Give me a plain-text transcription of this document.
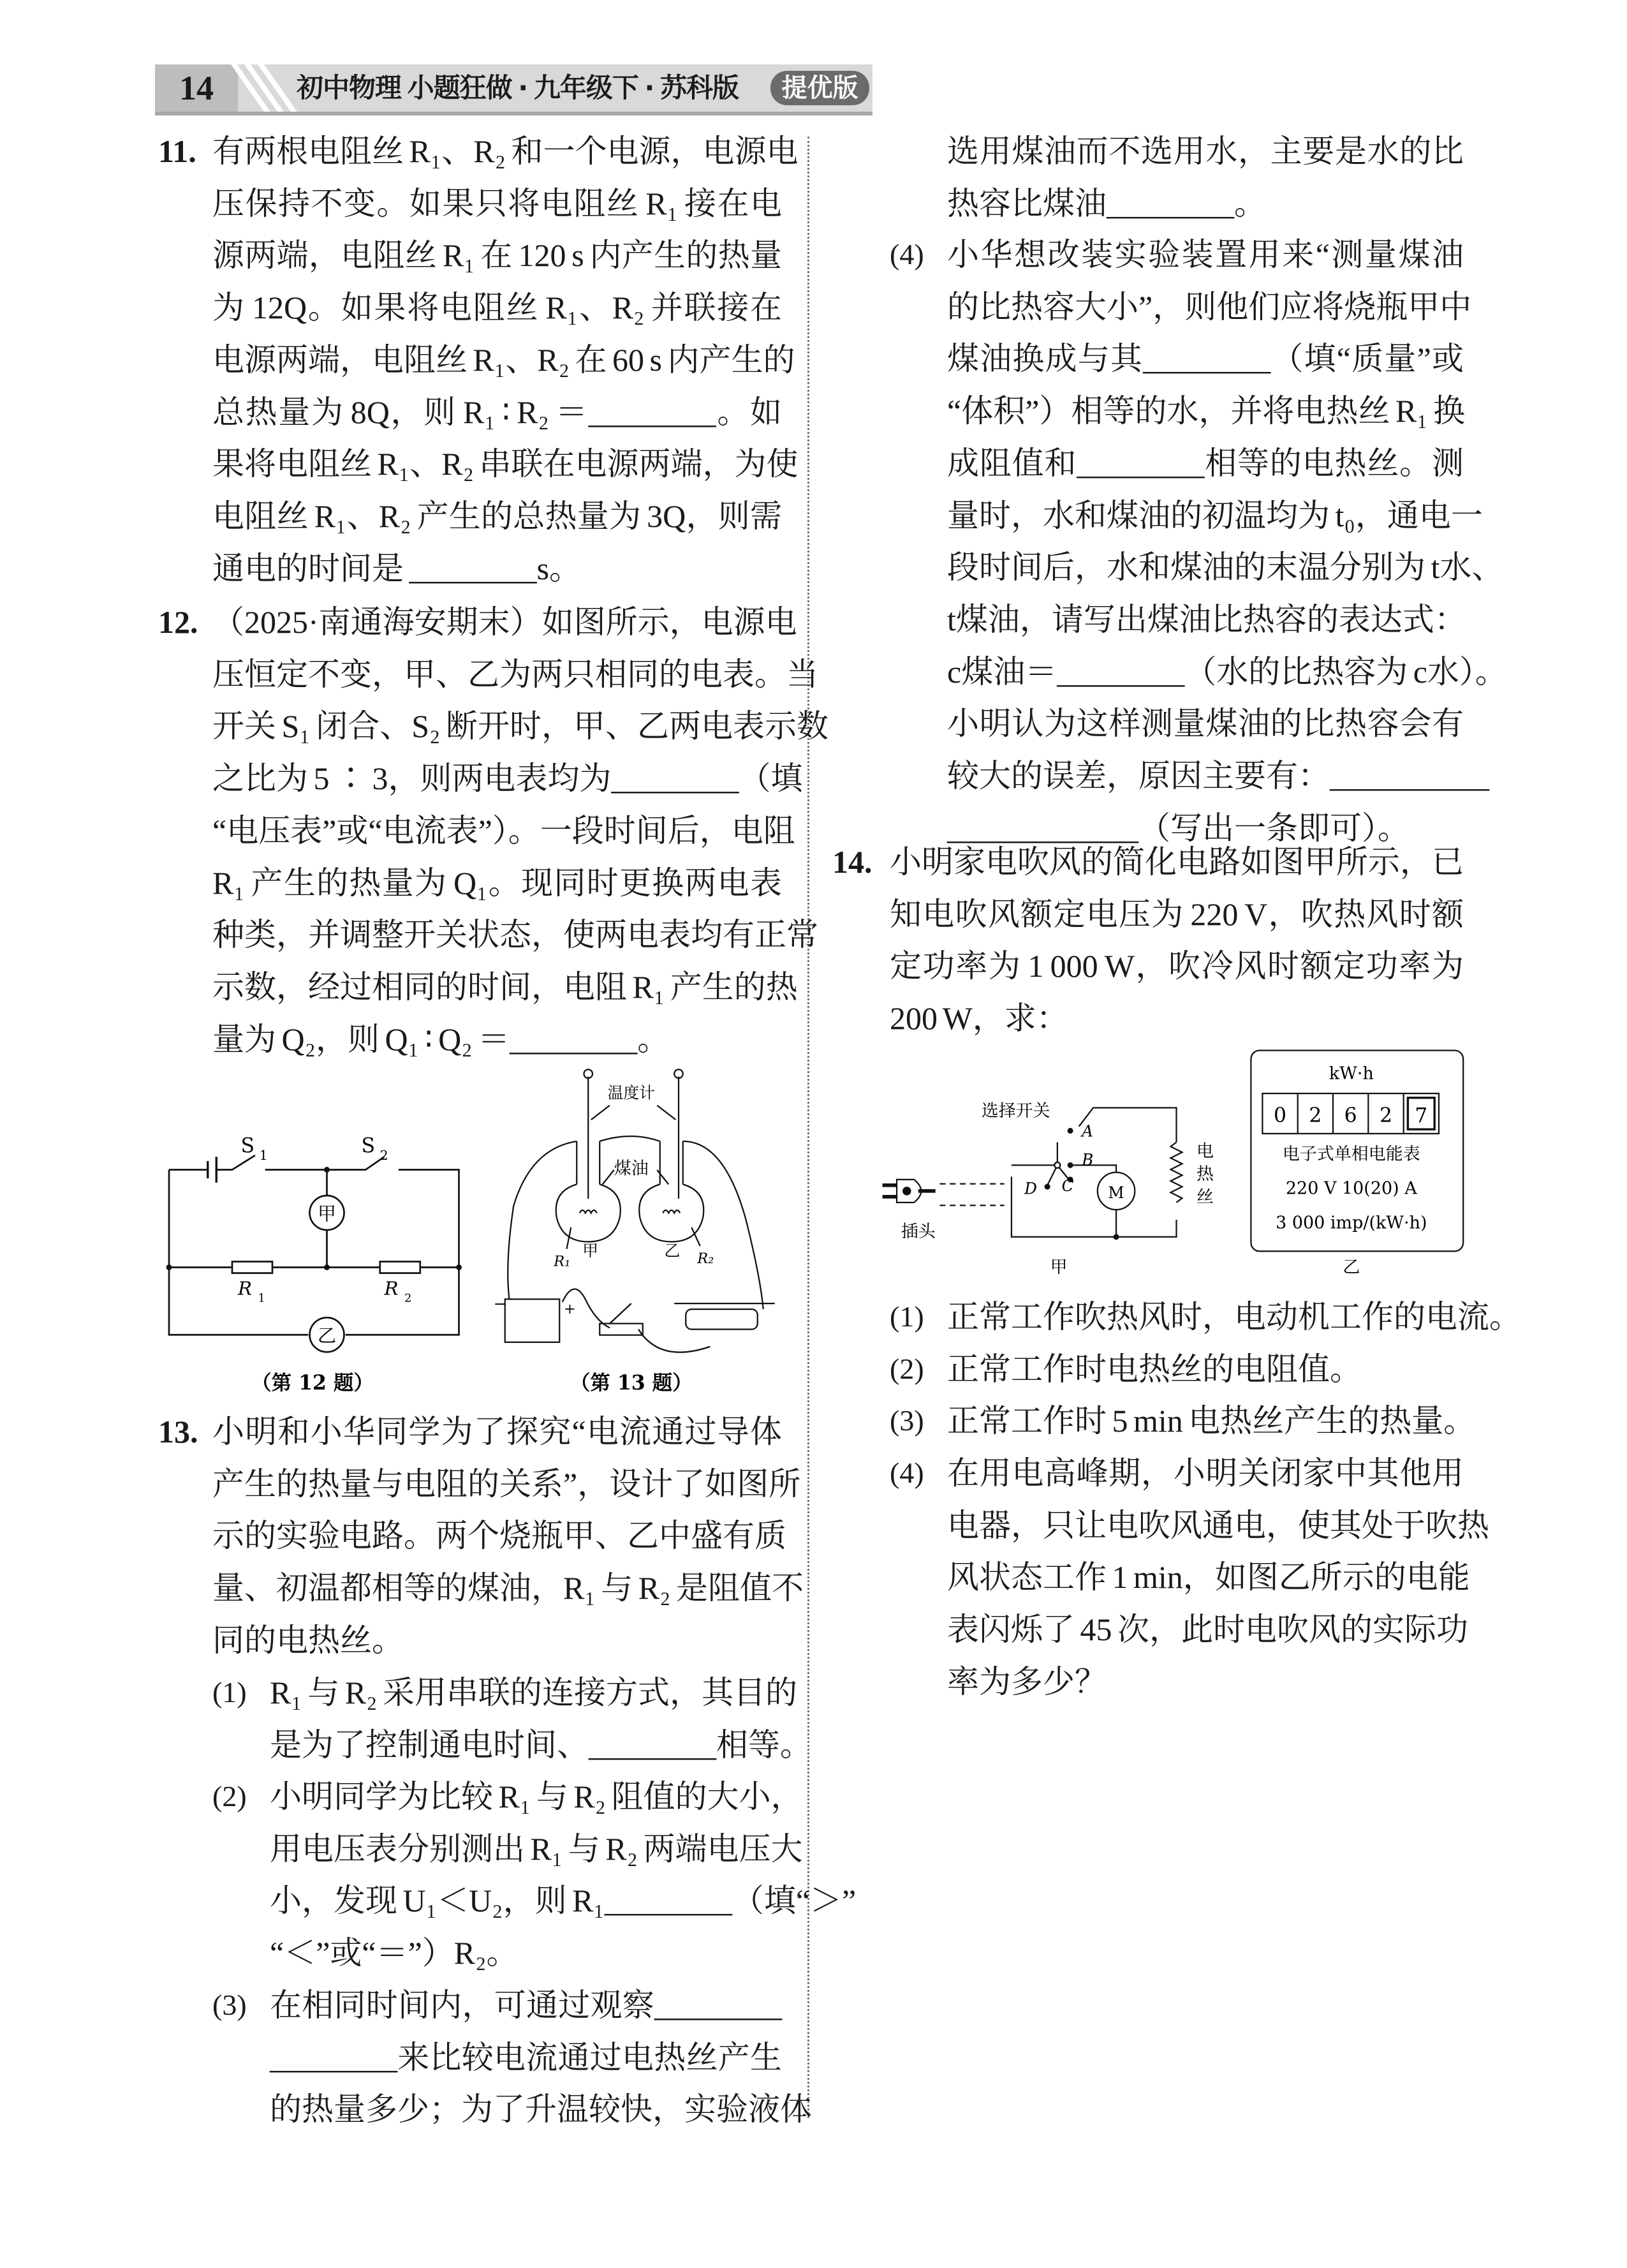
14	初中物理 小题狂做 · 九年级下 · 苏科版	提优版
11. 有两根电阻丝 R₁、R₂ 和一个电源，电源电
压保持不变。如果只将电阻丝 R₁ 接在电
源两端，电阻丝 R₁ 在 120 s 内产生的热量
为 12Q。如果将电阻丝 R₁、R₂ 并联接在
电源两端，电阻丝 R₁、R₂ 在 60 s 内产生的
总热量为 8Q，则 R₁ ∶ R₂ ＝________。如
果将电阻丝 R₁、R₂ 串联在电源两端，为使
电阻丝 R₁、R₂ 产生的总热量为 3Q，则需
通电的时间是 ________s。
12. （2025·南通海安期末）如图所示，电源电
压恒定不变，甲、乙为两只相同的电表。当
开关 S₁ 闭合、S₂ 断开时，甲、乙两电表示数
之比为 5 ∶ 3，则两电表均为________（填
“电压表”或“电流表”）。一段时间后，电阻
R₁ 产生的热量为 Q₁。现同时更换两电表
种类，并调整开关状态，使两电表均有正常
示数，经过相同的时间，电阻 R₁ 产生的热
量为 Q₂，则 Q₁ ∶ Q₂ ＝________。
13. 小明和小华同学为了探究“电流通过导体
产生的热量与电阻的关系”，设计了如图所
示的实验电路。两个烧瓶甲、乙中盛有质
量、初温都相等的煤油，R₁ 与 R₂ 是阻值不
同的电热丝。
(1) R₁ 与 R₂ 采用串联的连接方式，其目的
是为了控制通电时间、________相等。
(2) 小明同学为比较 R₁ 与 R₂ 阻值的大小，
用电压表分别测出 R₁ 与 R₂ 两端电压大
小，发现 U₁＜U₂，则 R₁________（填“＞”
“＜”或“＝”）R₂。
(3) 在相同时间内，可通过观察________
________来比较电流通过电热丝产生
的热量多少；为了升温较快，实验液体
选用煤油而不选用水，主要是水的比
热容比煤油________。
(4) 小华想改装实验装置用来“测量煤油
的比热容大小”，则他们应将烧瓶甲中
煤油换成与其________（填“质量”或
“体积”）相等的水，并将电热丝 R₁ 换
成阻值和________相等的电热丝。测
量时，水和煤油的初温均为 t₀，通电一
段时间后，水和煤油的末温分别为 t水、
t煤油，请写出煤油比热容的表达式：
c煤油＝________（水的比热容为 c水）。
小明认为这样测量煤油的比热容会有
较大的误差，原因主要有：__________
____________（写出一条即可）。
14. 小明家电吹风的简化电路如图甲所示，已
知电吹风额定电压为 220 V，吹热风时额
定功率为 1 000 W，吹冷风时额定功率为
200 W，求：
(1) 正常工作吹热风时，电动机工作的电流。
(2) 正常工作时电热丝的电阻值。
(3) 正常工作时 5 min 电热丝产生的热量。
(4) 在用电高峰期，小明关闭家中其他用
电器，只让电吹风通电，使其处于吹热
风状态工作 1 min，如图乙所示的电能
表闪烁了 45 次，此时电吹风的实际功
率为多少？
S 1	S 2
甲
乙
R 1	R 2
（第 12 题）
温度计
煤油
R₁
甲	乙	R₂
−	+
（第 13 题）
选择开关
A
B
C
D	M
电
热
丝
插头
甲
kW·h
0	2	6	2	7
电子式单相电能表
220 V 10(20) A
3 000 imp/(kW·h)
乙
